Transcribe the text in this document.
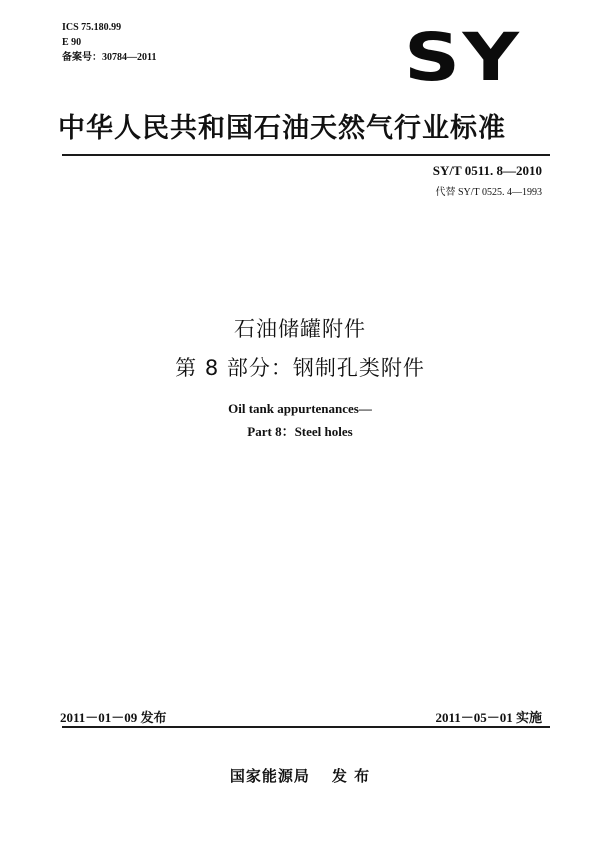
ICS 75.180.99
E 90
备案号：30784—2011	SY
中华人民共和国石油天然气行业标准
SY/T 0511. 8—2010
代替 SY/T 0525. 4—1993
石油储罐附件
第 8 部分：钢制孔类附件
Oil tank appurtenances—
Part 8：Steel holes
2011－01－09 发布	2011－05－01 实施
国家能源局 发 布
